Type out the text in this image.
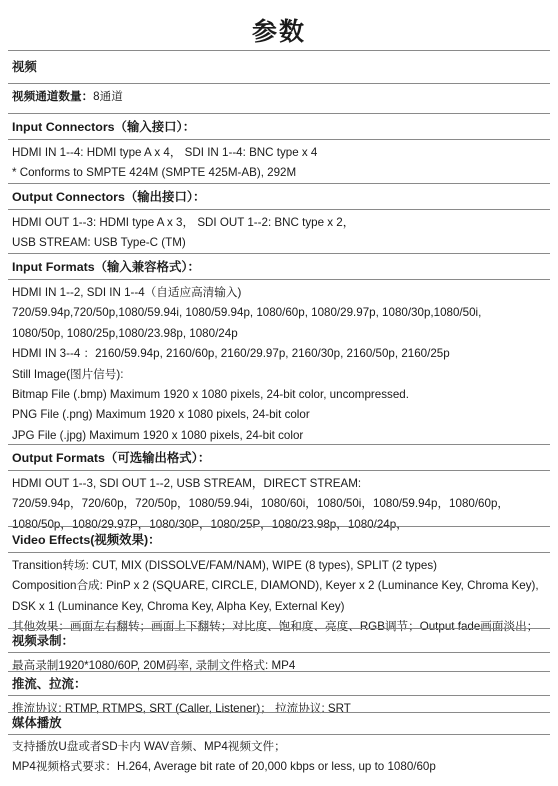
参数
视频
视频通道数量：8通道
Input Connectors（输入接口）：
HDMI IN 1--4: HDMI type A x 4， SDI IN 1--4: BNC type x 4
* Conforms to SMPTE 424M (SMPTE 425M-AB), 292M
Output Connectors（输出接口）：
HDMI OUT 1--3: HDMI type A x 3， SDI OUT 1--2: BNC type x 2，
USB STREAM: USB Type-C (TM)
Input Formats（输入兼容格式）：
HDMI IN 1--2, SDI IN 1--4（自适应高清输入)
720/59.94p,720/50p,1080/59.94i, 1080/59.94p, 1080/60p, 1080/29.97p, 1080/30p,1080/50i,
1080/50p, 1080/25p,1080/23.98p, 1080/24p
HDMI IN 3--4 ：2160/59.94p, 2160/60p, 2160/29.97p, 2160/30p, 2160/50p, 2160/25p
Still Image(图片信号):
Bitmap File (.bmp) Maximum 1920 x 1080 pixels, 24-bit color, uncompressed.
PNG File (.png) Maximum 1920 x 1080 pixels, 24-bit color
JPG File (.jpg) Maximum 1920 x 1080 pixels, 24-bit color
Output Formats（可选输出格式）：
HDMI OUT 1--3, SDI OUT 1--2, USB STREAM，DIRECT STREAM:
720/59.94p，720/60p，720/50p，1080/59.94i，1080/60i，1080/50i，1080/59.94p，1080/60p，
1080/50p，1080/29.97P，1080/30P，1080/25P，1080/23.98p，1080/24p，
Video Effects(视频效果)：
Transition转场: CUT, MIX (DISSOLVE/FAM/NAM), WIPE (8 types), SPLIT (2 types)
Composition合成: PinP x 2 (SQUARE, CIRCLE, DIAMOND), Keyer x 2 (Luminance Key, Chroma Key),
DSK x 1 (Luminance Key, Chroma Key, Alpha Key, External Key)
其他效果：画面左右翻转；画面上下翻转；对比度、饱和度、亮度、RGB调节；Output fade画面淡出；
视频录制：
最高录制1920*1080/60P, 20M码率, 录制文件格式: MP4
推流、拉流：
推流协议: RTMP, RTMPS, SRT (Caller, Listener)； 拉流协议: SRT
媒体播放
支持播放U盘或者SD卡内 WAV音频、MP4视频文件；
MP4视频格式要求：H.264, Average bit rate of 20,000 kbps or less, up to 1080/60p
